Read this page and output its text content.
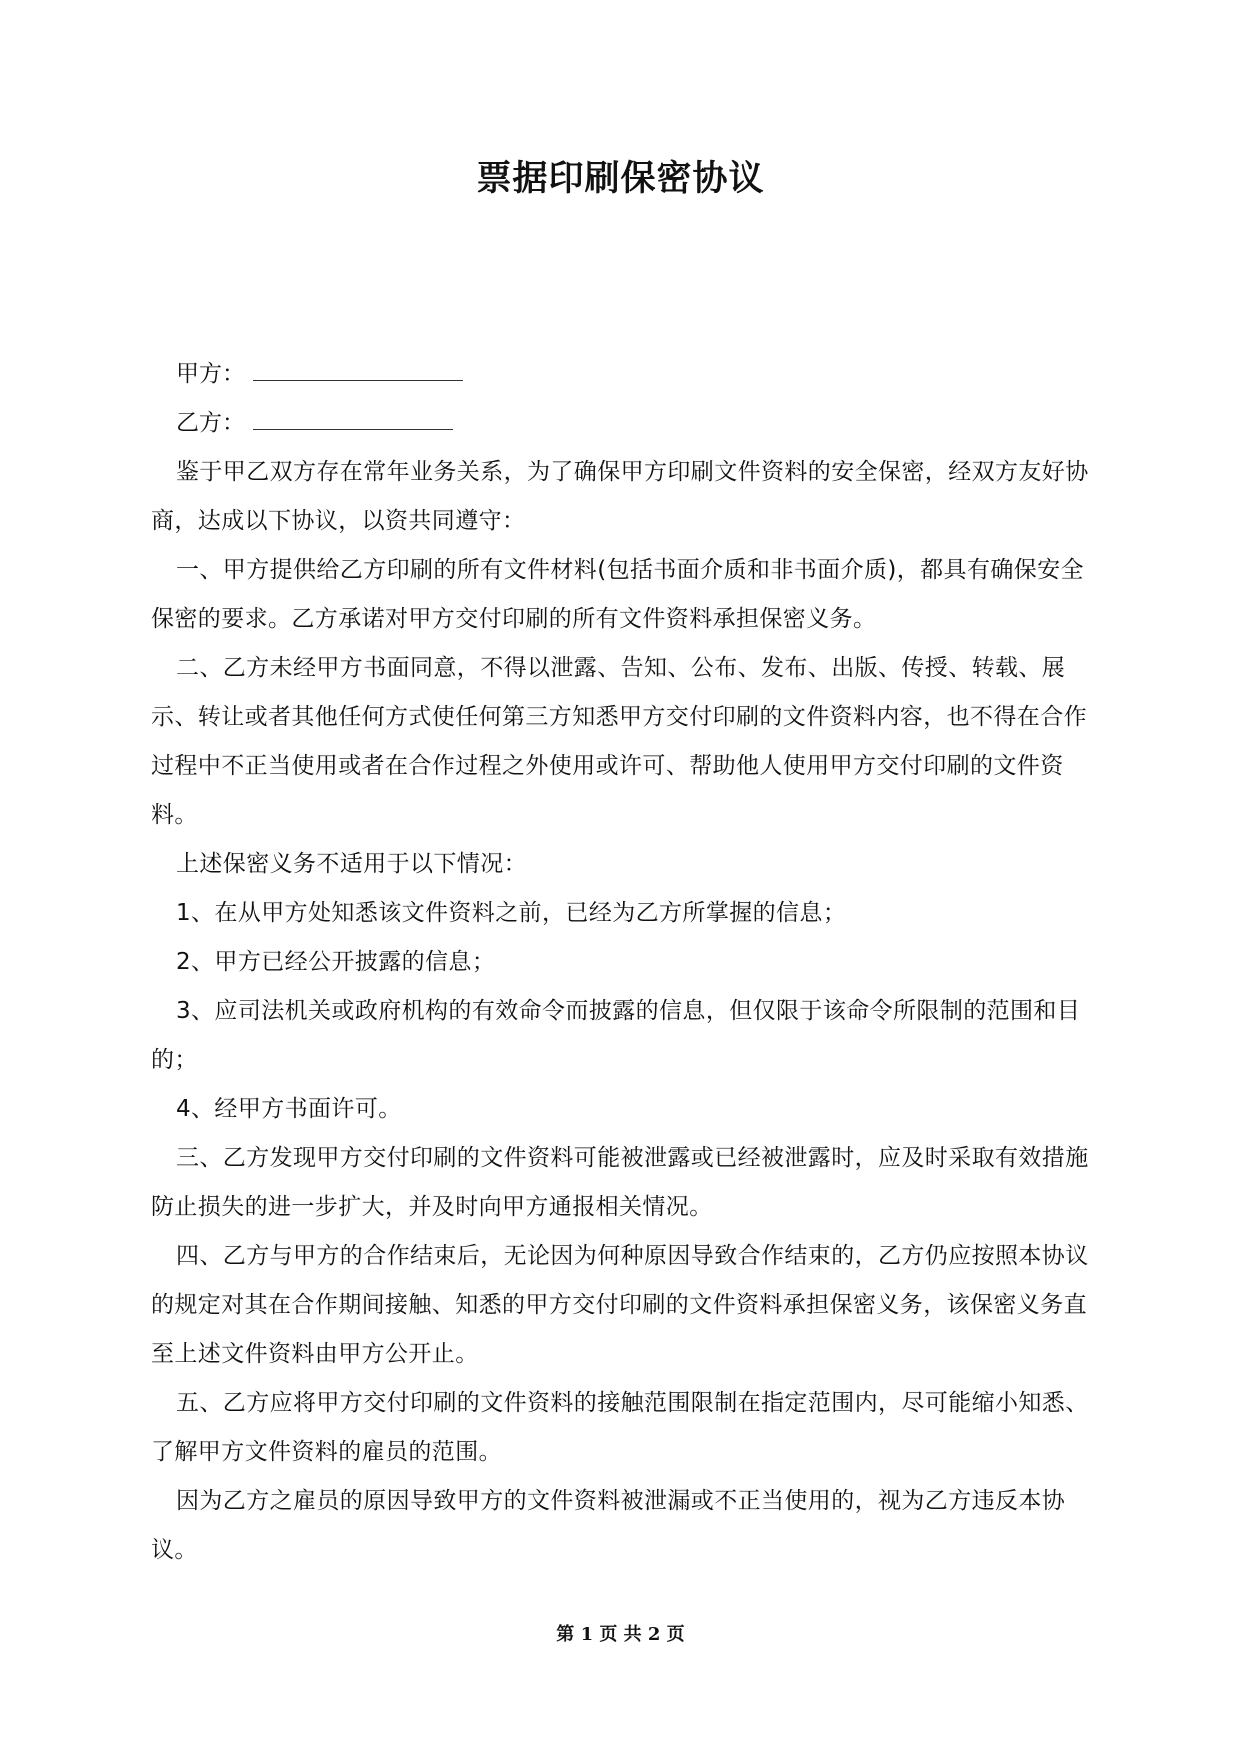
票据印刷保密协议
甲方：
乙方：

鉴于甲乙双方存在常年业务关系，为了确保甲方印刷文件资料的安全保密，经双方友好协商，达成以下协议，以资共同遵守：

一、甲方提供给乙方印刷的所有文件材料(包括书面介质和非书面介质)，都具有确保安全保密的要求。乙方承诺对甲方交付印刷的所有文件资料承担保密义务。

二、乙方未经甲方书面同意，不得以泄露、告知、公布、发布、出版、传授、转载、展示、转让或者其他任何方式使任何第三方知悉甲方交付印刷的文件资料内容，也不得在合作过程中不正当使用或者在合作过程之外使用或许可、帮助他人使用甲方交付印刷的文件资料。

上述保密义务不适用于以下情况：

1、在从甲方处知悉该文件资料之前，已经为乙方所掌握的信息；

2、甲方已经公开披露的信息；

3、应司法机关或政府机构的有效命令而披露的信息，但仅限于该命令所限制的范围和目的；

4、经甲方书面许可。

三、乙方发现甲方交付印刷的文件资料可能被泄露或已经被泄露时，应及时采取有效措施防止损失的进一步扩大，并及时向甲方通报相关情况。

四、乙方与甲方的合作结束后，无论因为何种原因导致合作结束的，乙方仍应按照本协议的规定对其在合作期间接触、知悉的甲方交付印刷的文件资料承担保密义务，该保密义务直至上述文件资料由甲方公开止。

五、乙方应将甲方交付印刷的文件资料的接触范围限制在指定范围内，尽可能缩小知悉、了解甲方文件资料的雇员的范围。

因为乙方之雇员的原因导致甲方的文件资料被泄漏或不正当使用的，视为乙方违反本协议。

第 1 页 共 2 页
